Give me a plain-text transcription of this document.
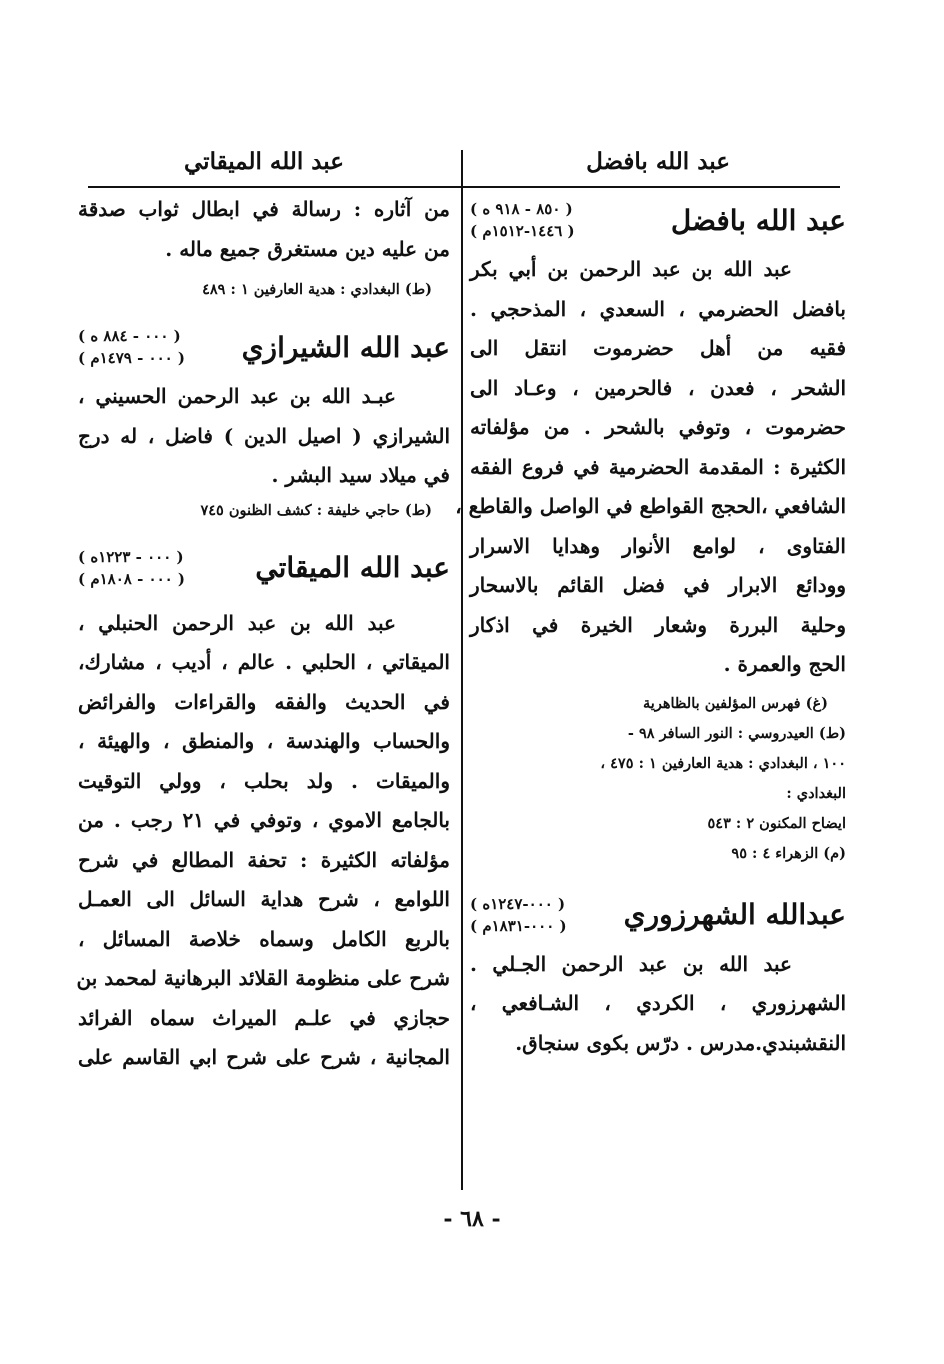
عبد الله بافضل
عبد الله بافضل
( ٨٥٠ - ٩١٨ ه )
( ١٤٤٦-١٥١٢م )
عبد الله بن عبد الرحمن بن أبي بكر
بافضل الحضرمي ، السعدي ، المذحجي .
فقيه من أهل حضرموت انتقل الى
الشحر ، فعدن ، فالحرمين ، وعـاد الى
حضرموت ، وتوفي بالشحر . من مؤلفاته
الكثيرة : المقدمة الحضرمية في فروع الفقه
الشافعي ،الحجج القواطع في الواصل والقاطع ،
الفتاوى ، لوامع الأنوار وهدايا الاسرار
وودائع الابرار في فضل القائم بالاسحار
وحلية البررة وشعار الخيرة في اذكار
الحج والعمرة .
(غ) فهرس المؤلفين بالظاهرية
(ط) العيدروسي : النور السافر ٩٨ -
١٠٠ ، البغدادي : هدية العارفين ١ : ٤٧٥ ،
البغدادي :
ايضاح المكنون ٢ : ٥٤٣
(م) الزهراء ٤ : ٩٥
عبدالله الشهرزوري
( ٠٠٠-١٢٤٧ه )
( ٠٠٠-١٨٣١م )
عبد الله بن عبد الرحمن الجـلي .
الشهرزوري ، الكردي ، الشـافعي ،
النقشبندي.مدرس . درّس بكوى سنجاق.
عبد الله الميقاتي
من آثاره : رسالة في ابطال ثواب صدقة
من عليه دين مستغرق جميع ماله .
(ط) البغدادي : هدية العارفين ١ : ٤٨٩
عبد الله الشيرازي
( ٠٠٠ - ٨٨٤ ه )
( ٠٠٠ - ١٤٧٩م )
عبـد الله بن عبد الرحمن الحسيني ،
الشيرازي ( اصيل الدين ) فاضل ، له درج
في ميلاد سيد البشر .
(ط) حاجي خليفة : كشف الظنون ٧٤٥
عبد الله الميقاتي
( ٠٠٠ - ١٢٢٣ه )
( ٠٠٠ - ١٨٠٨م )
عبد الله بن عبد الرحمن الحنبلي ،
الميقاتي ، الحلبي . عالم ، أديب ، مشارك،
في الحديث والفقه والقراءات والفرائض
والحساب والهندسة ، والمنطق ، والهيئة ،
والميقات . ولد بحلب ، وولي التوقيت
بالجامع الاموي ، وتوفي في ٢١ رجب . من
مؤلفاته الكثيرة : تحفة المطالع في شرح
اللوامع ، شرح هداية السائل الى العمـل
بالربع الكامل وسماه خلاصة المسائل ،
شرح على منظومة القلائد البرهانية لمحمد بن
حجازي في علـم الميراث سماه الفرائد
المجانية ، شرح على شرح ابي القاسم على
- ٦٨ -
